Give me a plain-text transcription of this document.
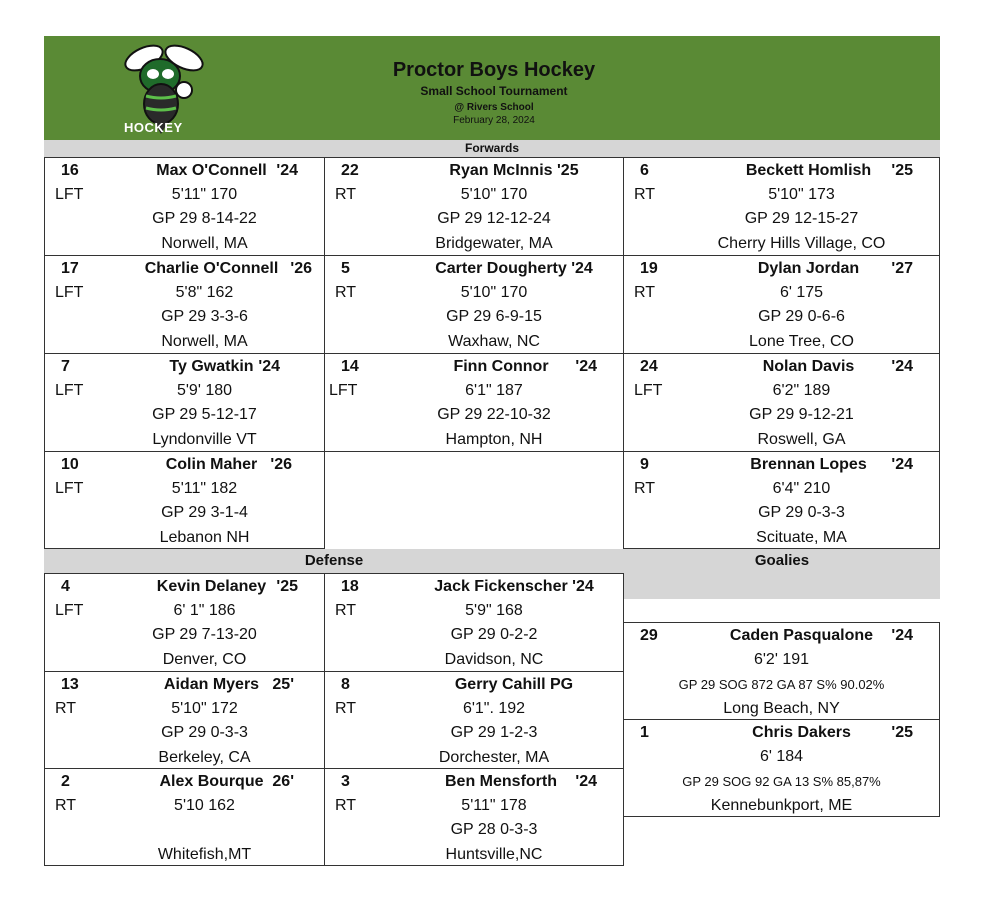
HOCKEY
Proctor Boys Hockey
Small School Tournament
@ Rivers School
February 28, 2024
Forwards
Defense	Goalies
16	Max O'Connell '24
LFT	5'11" 170
GP 29 8-14-22
Norwell, MA
22	Ryan McInnis '25
RT	5'10" 170
GP 29 12-12-24
Bridgewater, MA
6	Beckett Homlish	'25
RT	5'10" 173
GP 29 12-15-27
Cherry Hills Village, CO
17	Charlie O'Connell '26
LFT	5'8" 162
GP 29 3-3-6
Norwell, MA
5	Carter Dougherty '24
RT	5'10" 170
GP 29 6-9-15
Waxhaw, NC
19	Dylan Jordan	'27
RT	6' 175
GP 29 0-6-6
Lone Tree, CO
7	Ty Gwatkin '24
LFT	5'9' 180
GP 29 5-12-17
Lyndonville VT
14	Finn Connor	'24
LFT	6'1" 187
GP 29 22-10-32
Hampton, NH
24	Nolan Davis	'24
LFT	6'2" 189
GP 29 9-12-21
Roswell, GA
10	Colin Maher '26
LFT	5'11" 182
GP 29 3-1-4
Lebanon NH
9	Brennan Lopes	'24
RT	6'4" 210
GP 29 0-3-3
Scituate, MA
4	Kevin Delaney '25
LFT	6' 1" 186
GP 29 7-13-20
Denver, CO
18	Jack Fickenscher '24
RT	5'9" 168
GP 29 0-2-2
Davidson, NC
13	Aidan Myers 25'
RT	5'10" 172
GP 29 0-3-3
Berkeley, CA
8	Gerry Cahill PG
RT	6'1". 192
GP 29 1-2-3
Dorchester, MA
2	Alex Bourque 26'
RT	5'10 162
Whitefish,MT
3	Ben Mensforth	'24
RT	5'11" 178
GP 28 0-3-3
Huntsville,NC
29	Caden Pasqualone	'24
6'2' 191
GP 29 SOG 872 GA 87 S% 90.02%
Long Beach, NY
1	Chris Dakers	'25
6' 184
GP 29 SOG 92 GA 13 S% 85,87%
Kennebunkport, ME
